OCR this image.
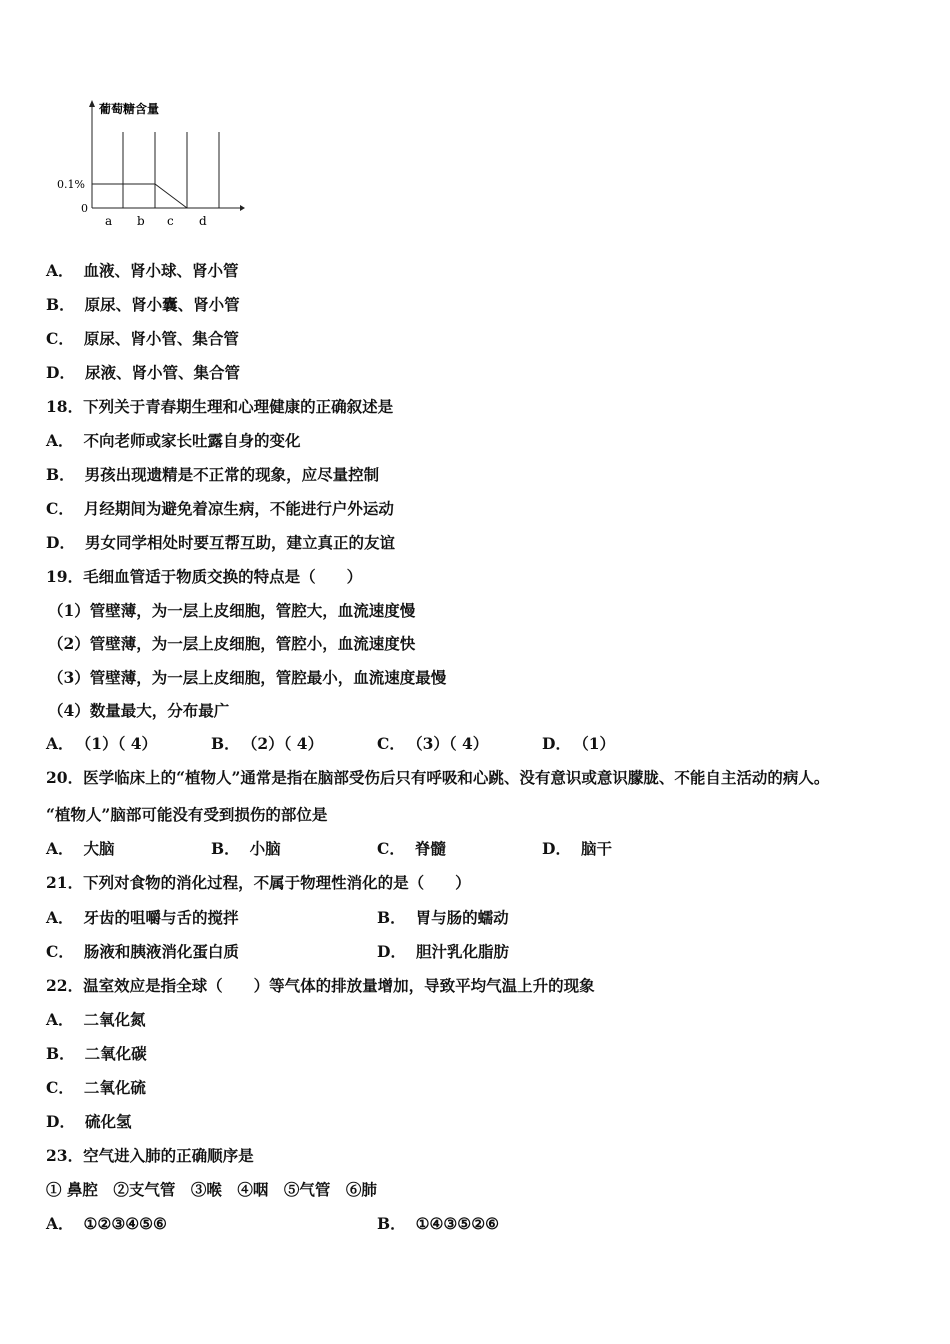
葡萄糖含量
0.1%
0
a b c d
A． 血液、肾小球、肾小管
B． 原尿、肾小囊、肾小管
C． 原尿、肾小管、集合管
D． 尿液、肾小管、集合管
18．下列关于青春期生理和心理健康的正确叙述是
A． 不向老师或家长吐露自身的变化
B． 男孩出现遗精是不正常的现象，应尽量控制
C． 月经期间为避免着凉生病，不能进行户外运动
D． 男女同学相处时要互帮互助，建立真正的友谊
19．毛细血管适于物质交换的特点是（　　）
（1）管壁薄，为一层上皮细胞，管腔大，血流速度慢
（2）管壁薄，为一层上皮细胞，管腔小，血流速度快
（3）管壁薄，为一层上皮细胞，管腔最小，血流速度最慢
（4）数量最大，分布最广
A． （1）（ 4）	B． （2）（ 4）	C． （3）（ 4）	D． （1）
20．医学临床上的“植物人”通常是指在脑部受伤后只有呼吸和心跳、没有意识或意识朦胧、不能自主活动的病人。
“植物人”脑部可能没有受到损伤的部位是
A． 大脑	B． 小脑	C． 脊髓	D． 脑干
21．下列对食物的消化过程，不属于物理性消化的是（　　）
A． 牙齿的咀嚼与舌的搅拌	B． 胃与肠的蠕动
C． 肠液和胰液消化蛋白质	D． 胆汁乳化脂肪
22．温室效应是指全球（　　）等气体的排放量增加，导致平均气温上升的现象
A． 二氧化氮
B． 二氧化碳
C． 二氧化硫
D． 硫化氢
23．空气进入肺的正确顺序是
① 鼻腔　②支气管　③喉　④咽　⑤气管　⑥肺
A． ①②③④⑤⑥	B． ①④③⑤②⑥
